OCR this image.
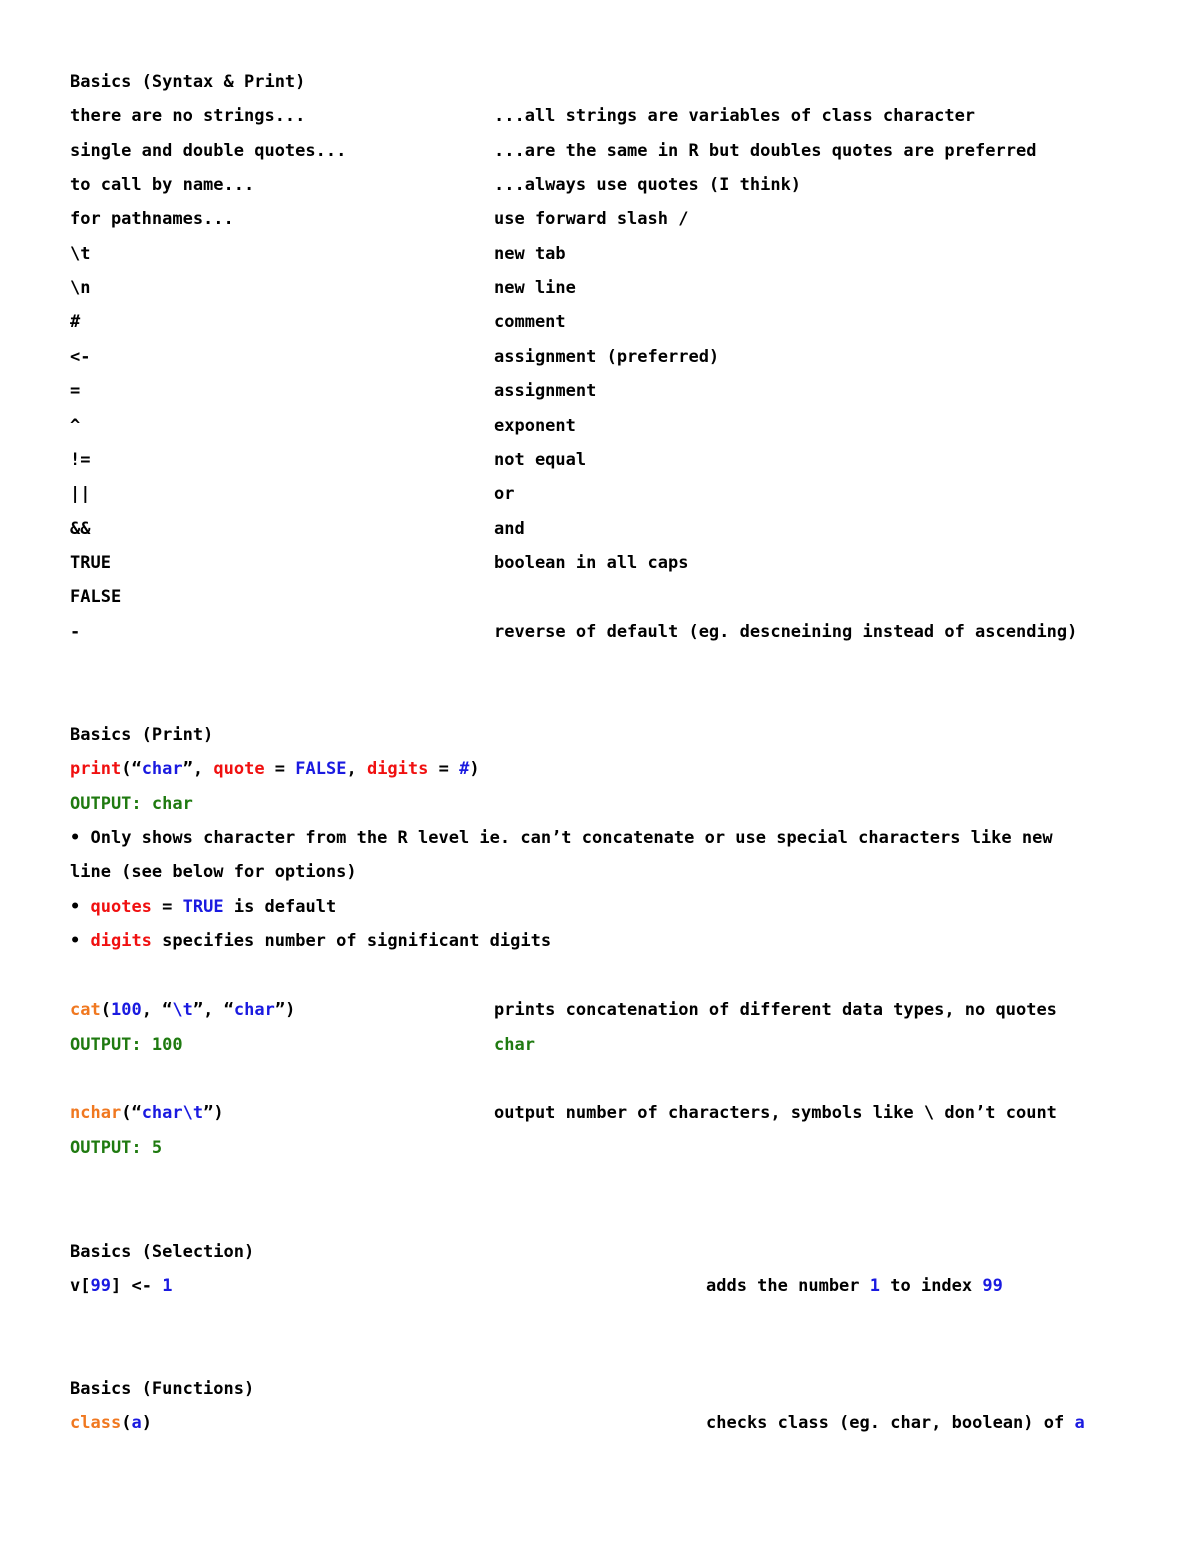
Basics (Syntax & Print)
there are no strings...	...all strings are variables of class character
single and double quotes...	...are the same in R but doubles quotes are preferred
to call by name...	...always use quotes (I think)
for pathnames...	use forward slash /
\t	new tab
\n	new line
#	comment
<-	assignment (preferred)
=	assignment
^	exponent
!=	not equal
||	or
&&	and
TRUE	boolean in all caps
FALSE
-	reverse of default (eg. descneining instead of ascending)
Basics (Print)
print(“char”, quote = FALSE, digits = #)
OUTPUT: char
• Only shows character from the R level ie. can’t concatenate or use special characters like new
line (see below for options)
• quotes = TRUE is default
• digits specifies number of significant digits
cat(100, “\t”, “char”)	prints concatenation of different data types, no quotes
OUTPUT: 100	char
nchar(“char\t”)	output number of characters, symbols like \ don’t count
OUTPUT: 5
Basics (Selection)
v[99] <- 1	adds the number 1 to index 99
Basics (Functions)
class(a)	checks class (eg. char, boolean) of a
